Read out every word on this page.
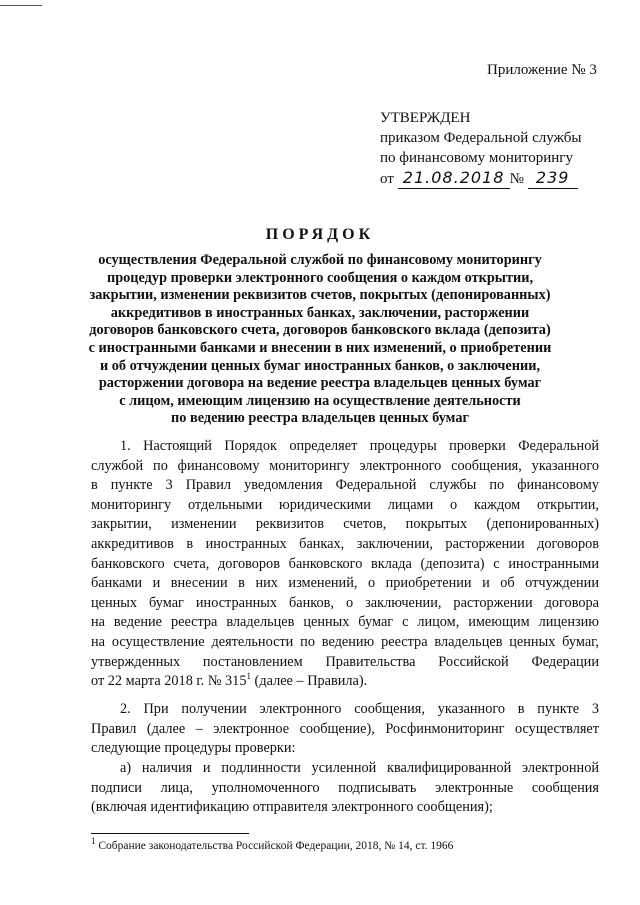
Приложение № 3
УТВЕРЖДЕН
приказом Федеральной службы
по финансовому мониторингу
от 21.08.2018 № 239
ПОРЯДОК
осуществления Федеральной службой по финансовому мониторингу
процедур проверки электронного сообщения о каждом открытии,
закрытии, изменении реквизитов счетов, покрытых (депонированных)
аккредитивов в иностранных банках, заключении, расторжении
договоров банковского счета, договоров банковского вклада (депозита)
с иностранными банками и внесении в них изменений, о приобретении
и об отчуждении ценных бумаг иностранных банков, о заключении,
расторжении договора на ведение реестра владельцев ценных бумаг
с лицом, имеющим лицензию на осуществление деятельности
по ведению реестра владельцев ценных бумаг
1. Настоящий Порядок определяет процедуры проверки Федеральной
службой по финансовому мониторингу электронного сообщения, указанного
в пункте 3 Правил уведомления Федеральной службы по финансовому
мониторингу отдельными юридическими лицами о каждом открытии,
закрытии, изменении реквизитов счетов, покрытых (депонированных)
аккредитивов в иностранных банках, заключении, расторжении договоров
банковского счета, договоров банковского вклада (депозита) с иностранными
банками и внесении в них изменений, о приобретении и об отчуждении
ценных бумаг иностранных банков, о заключении, расторжении договора
на ведение реестра владельцев ценных бумаг с лицом, имеющим лицензию
на осуществление деятельности по ведению реестра владельцев ценных бумаг,
утвержденных постановлением Правительства Российской Федерации
от 22 марта 2018 г. № $315^1$ (далее – Правила).
2. При получении электронного сообщения, указанного в пункте 3
Правил (далее – электронное сообщение), Росфинмониторинг осуществляет
следующие процедуры проверки:
а) наличия и подлинности усиленной квалифицированной электронной
подписи лица, уполномоченного подписывать электронные сообщения
(включая идентификацию отправителя электронного сообщения);
$^1$ Собрание законодательства Российской Федерации, 2018, № 14, ст. 1966
